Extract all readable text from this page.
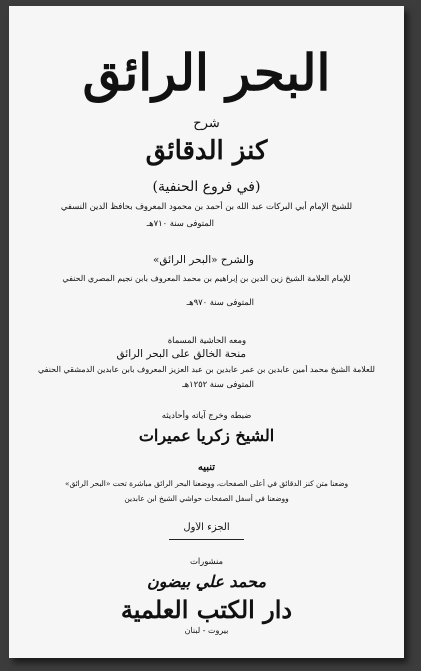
البحر الرائق
شرح
كنز الدقائق
(في فروع الحنفية)
للشيخ الإمام أبي البركات عبد الله بن أحمد بن محمود المعروف بحافظ الدين النسفي
المتوفى سنة ٧١٠هـ
والشرح «البحر الرائق»
للإمام العلامة الشيخ زين الدين بن إبراهيم بن محمد المعروف بابن نجيم المصري الحنفي
المتوفى سنة ٩٧٠هـ
ومعه الحاشية المسماة
منحة الخالق على البحر الرائق
للعلامة الشيخ محمد أمين عابدين بن عمر عابدين بن عبد العزيز المعروف بابن عابدين الدمشقي الحنفي
المتوفى سنة ١٢٥٢هـ
ضبطه وخرج آياته وأحاديثه
الشيخ زكريا عميرات
تنبيه
وضعنا متن كنز الدقائق في أعلى الصفحات، ووضعنا البحر الرائق مباشرة تحت «البحر الرائق»
ووضعنا في أسفل الصفحات حواشي الشيخ ابن عابدين
الجزء الأول
منشورات
محمد علي بيضون
دار الكتب العلمية
بيروت - لبنان
